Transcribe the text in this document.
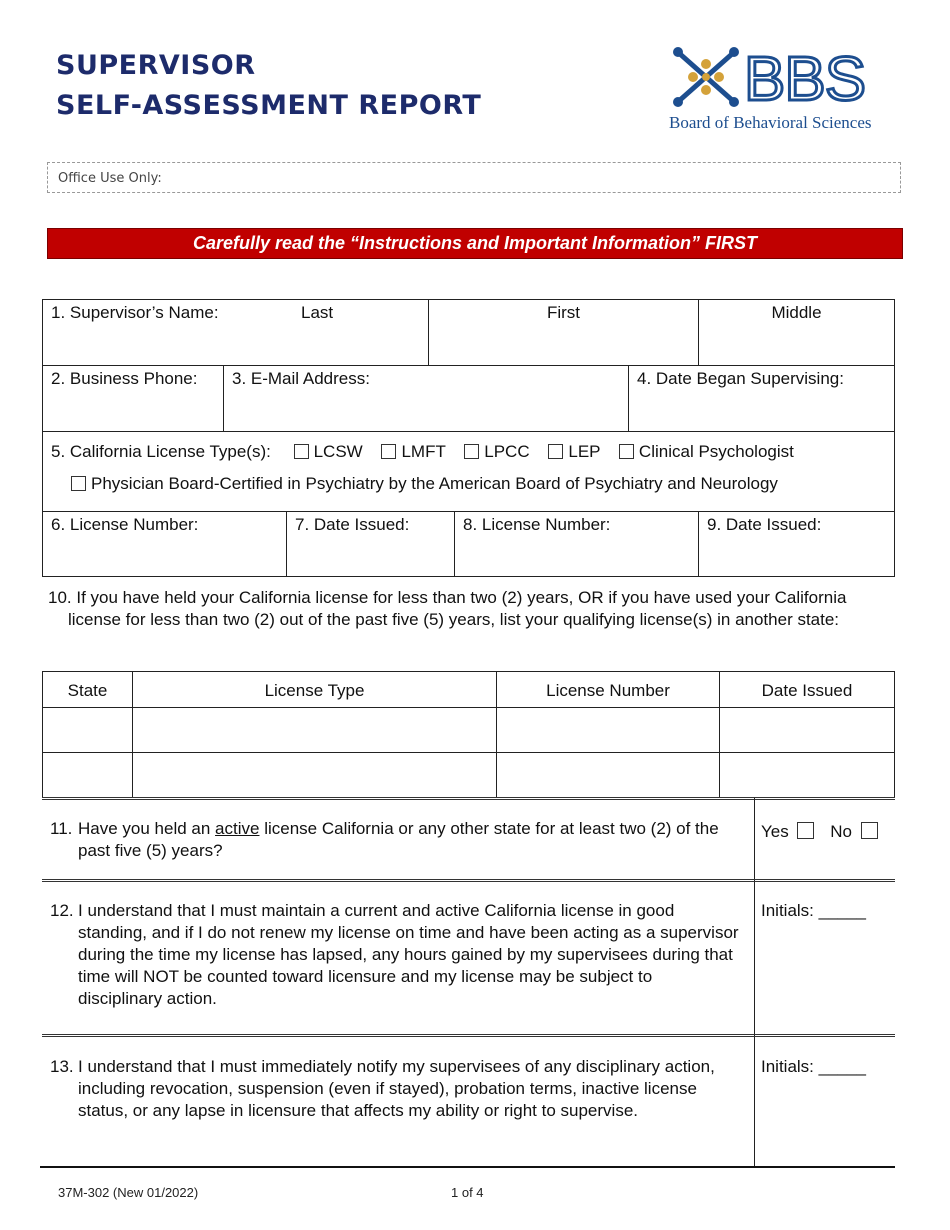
SUPERVISOR
SELF-ASSESSMENT REPORT	BBS
Board of Behavioral Sciences
Office Use Only:
Carefully read the “Instructions and Important Information” FIRST
1. Supervisor’s Name:	Last	First	Middle
2. Business Phone:	3. E-Mail Address:	4. Date Began Supervising:
5. California License Type(s):	LCSW LMFT LPCC LEP Clinical Psychologist
Physician Board-Certified in Psychiatry by the American Board of Psychiatry and Neurology
6. License Number:	7. Date Issued:	8. License Number:	9. Date Issued:
10. If you have held your California license for less than two (2) years, OR if you have used your California license for less than two (2) out of the past five (5) years, list your qualifying license(s) in another state:
State	License Type	License Number	Date Issued
11. Have you held an active license California or any other state for at least two (2) of the past five (5) years?
Yes No
12. I understand that I must maintain a current and active California license in good standing, and if I do not renew my license on time and have been acting as a supervisor during the time my license has lapsed, any hours gained by my supervisees during that time will NOT be counted toward licensure and my license may be subject to disciplinary action.
Initials: _____
13. I understand that I must immediately notify my supervisees of any disciplinary action, including revocation, suspension (even if stayed), probation terms, inactive license status, or any lapse in licensure that affects my ability or right to supervise.
Initials: _____
37M-302 (New 01/2022)	1 of 4
